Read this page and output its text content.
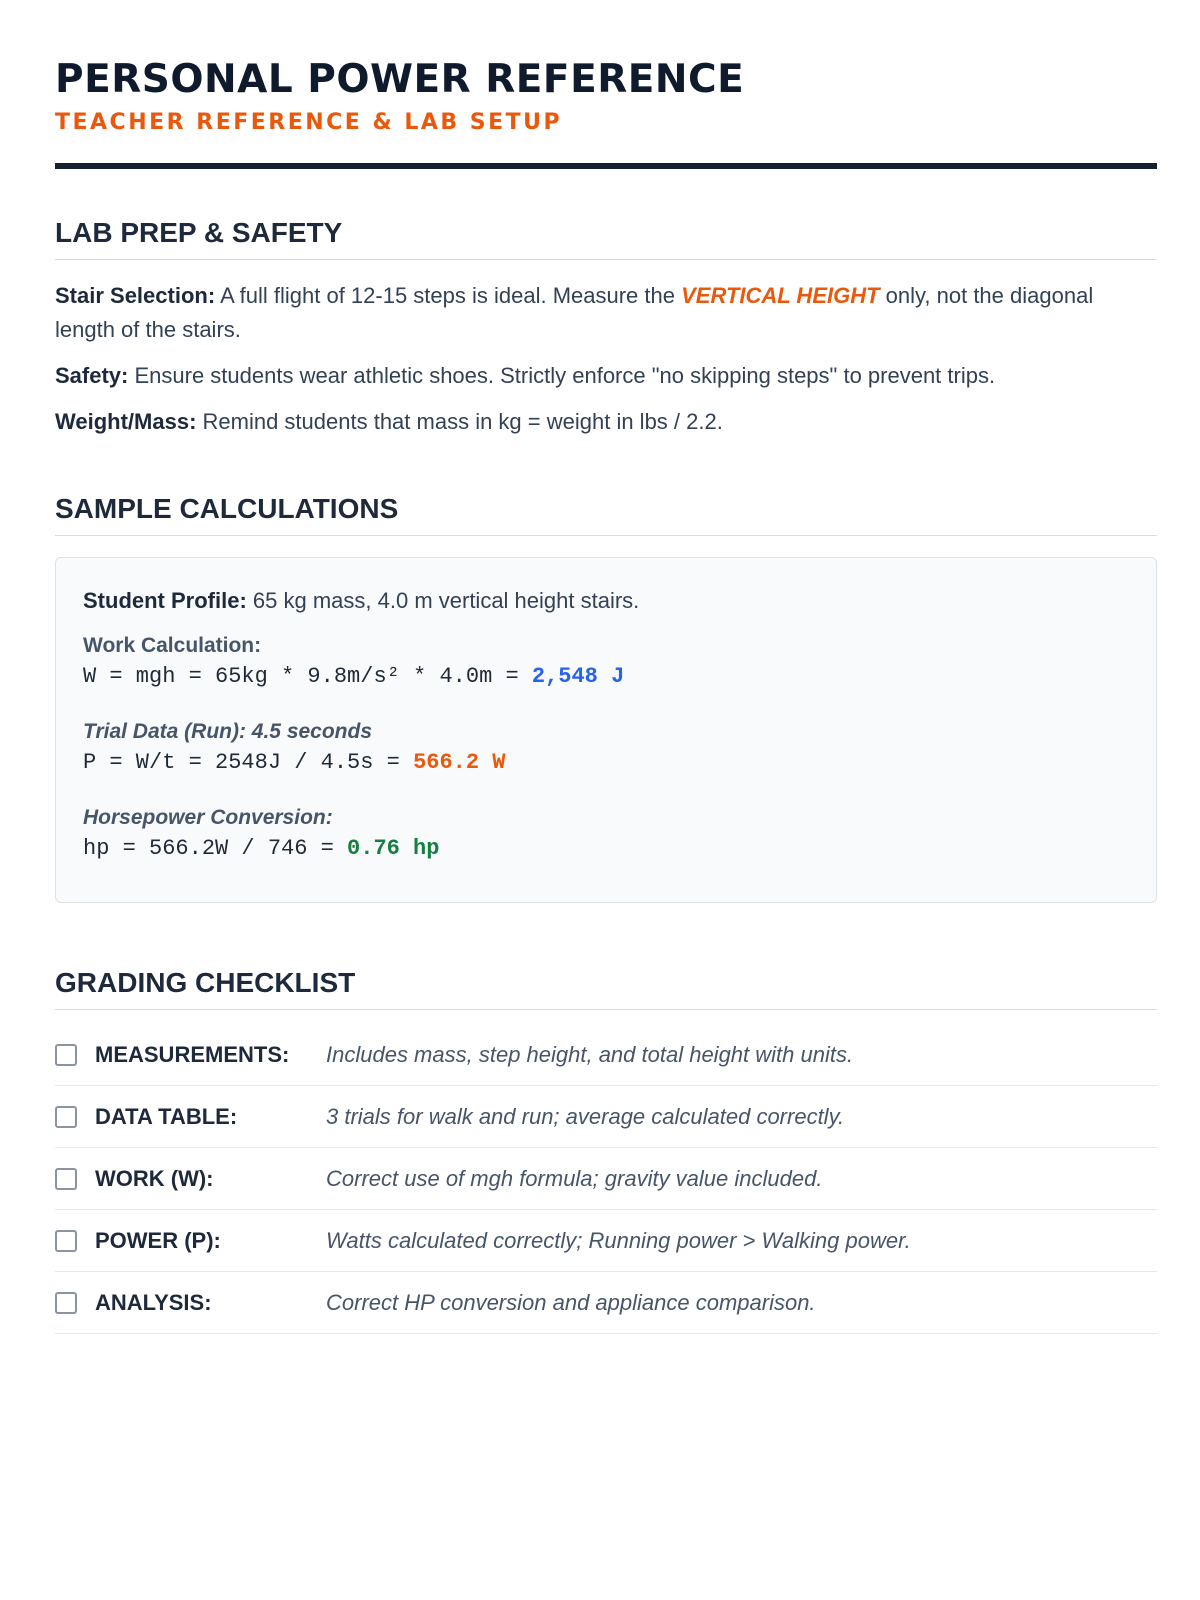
PERSONAL POWER REFERENCE
TEACHER REFERENCE & LAB SETUP
LAB PREP & SAFETY

Stair Selection: A full flight of 12-15 steps is ideal. Measure the VERTICAL HEIGHT only, not the diagonal length of the stairs.

Safety: Ensure students wear athletic shoes. Strictly enforce "no skipping steps" to prevent trips.

Weight/Mass: Remind students that mass in kg = weight in lbs / 2.2.

SAMPLE CALCULATIONS

Student Profile: 65 kg mass, 4.0 m vertical height stairs.

Work Calculation:
W = mgh = 65kg * 9.8m/s² * 4.0m = 2,548 J
Trial Data (Run): 4.5 seconds
P = W/t = 2548J / 4.5s = 566.2 W
Horsepower Conversion:
hp = 566.2W / 746 = 0.76 hp
GRADING CHECKLIST
MEASUREMENTS:	Includes mass, step height, and total height with units.
DATA TABLE:	3 trials for walk and run; average calculated correctly.
WORK (W):	Correct use of mgh formula; gravity value included.
POWER (P):	Watts calculated correctly; Running power > Walking power.
ANALYSIS:	Correct HP conversion and appliance comparison.
